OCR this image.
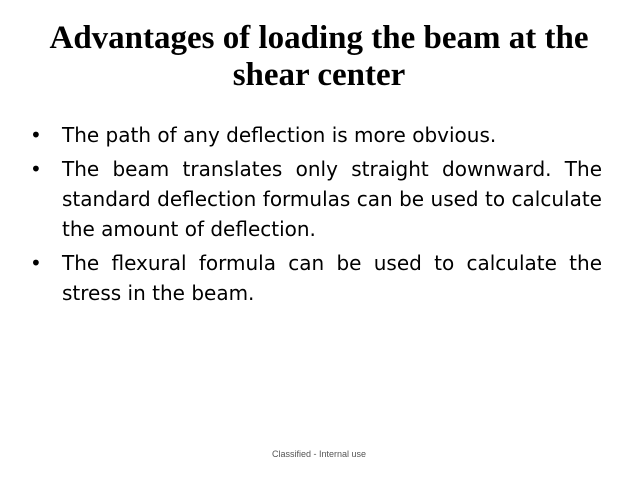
Advantages of loading the beam at the shear center
•	The path of any deflection is more obvious.
•	The beam translates only straight downward. The standard deflection formulas can be used to calculate the amount of deflection.
•	The flexural formula can be used to calculate the stress in the beam.
Classified - Internal use
